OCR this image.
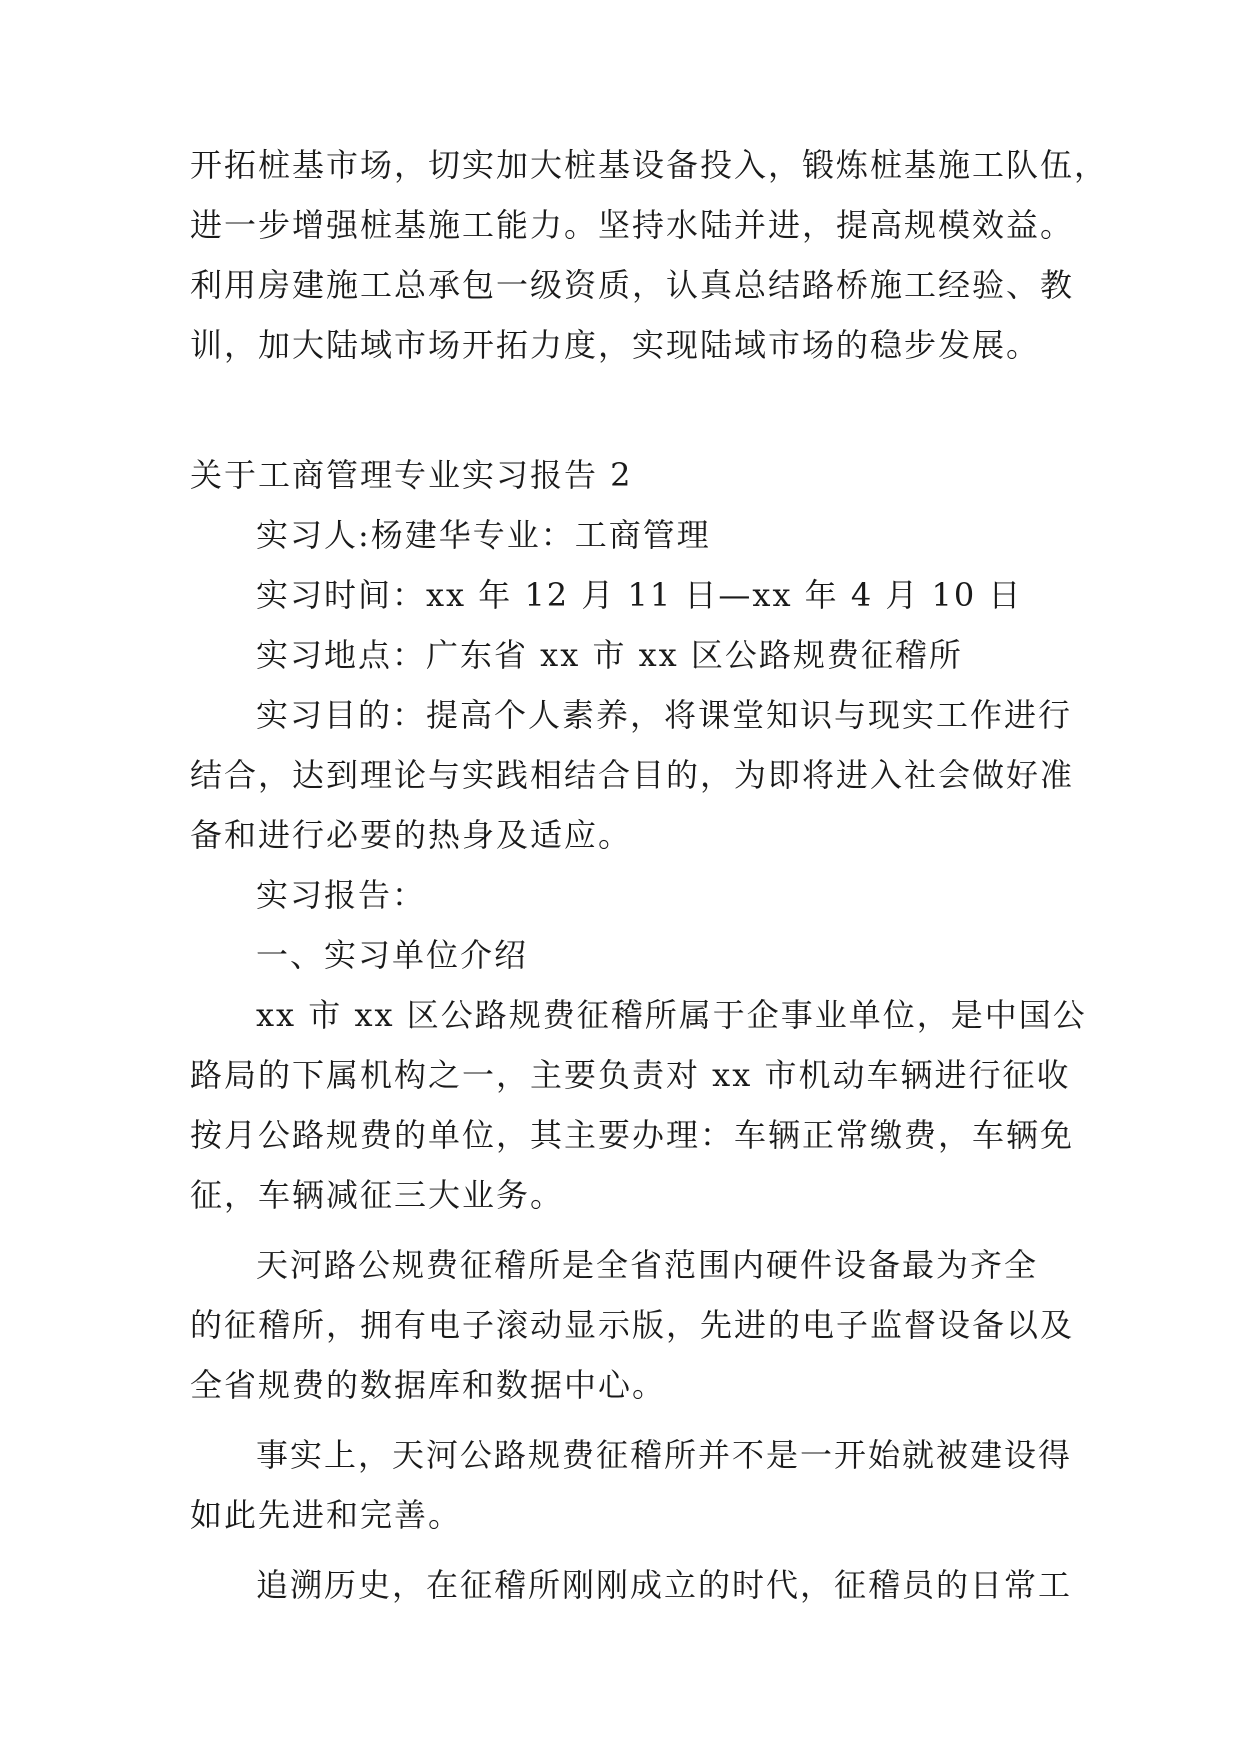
开拓桩基市场，切实加大桩基设备投入，锻炼桩基施工队伍，
进一步增强桩基施工能力。坚持水陆并进，提高规模效益。
利用房建施工总承包一级资质，认真总结路桥施工经验、教
训，加大陆域市场开拓力度，实现陆域市场的稳步发展。
关于工商管理专业实习报告 2
实习人:杨建华专业：工商管理
实习时间：xx 年 12 月 11 日—xx 年 4 月 10 日
实习地点：广东省 xx 市 xx 区公路规费征稽所
实习目的：提高个人素养，将课堂知识与现实工作进行
结合，达到理论与实践相结合目的，为即将进入社会做好准
备和进行必要的热身及适应。
实习报告：
一、实习单位介绍
xx 市 xx 区公路规费征稽所属于企事业单位，是中国公
路局的下属机构之一，主要负责对 xx 市机动车辆进行征收
按月公路规费的单位，其主要办理：车辆正常缴费，车辆免
征，车辆减征三大业务。
天河路公规费征稽所是全省范围内硬件设备最为齐全
的征稽所，拥有电子滚动显示版，先进的电子监督设备以及
全省规费的数据库和数据中心。
事实上，天河公路规费征稽所并不是一开始就被建设得
如此先进和完善。
追溯历史，在征稽所刚刚成立的时代，征稽员的日常工
